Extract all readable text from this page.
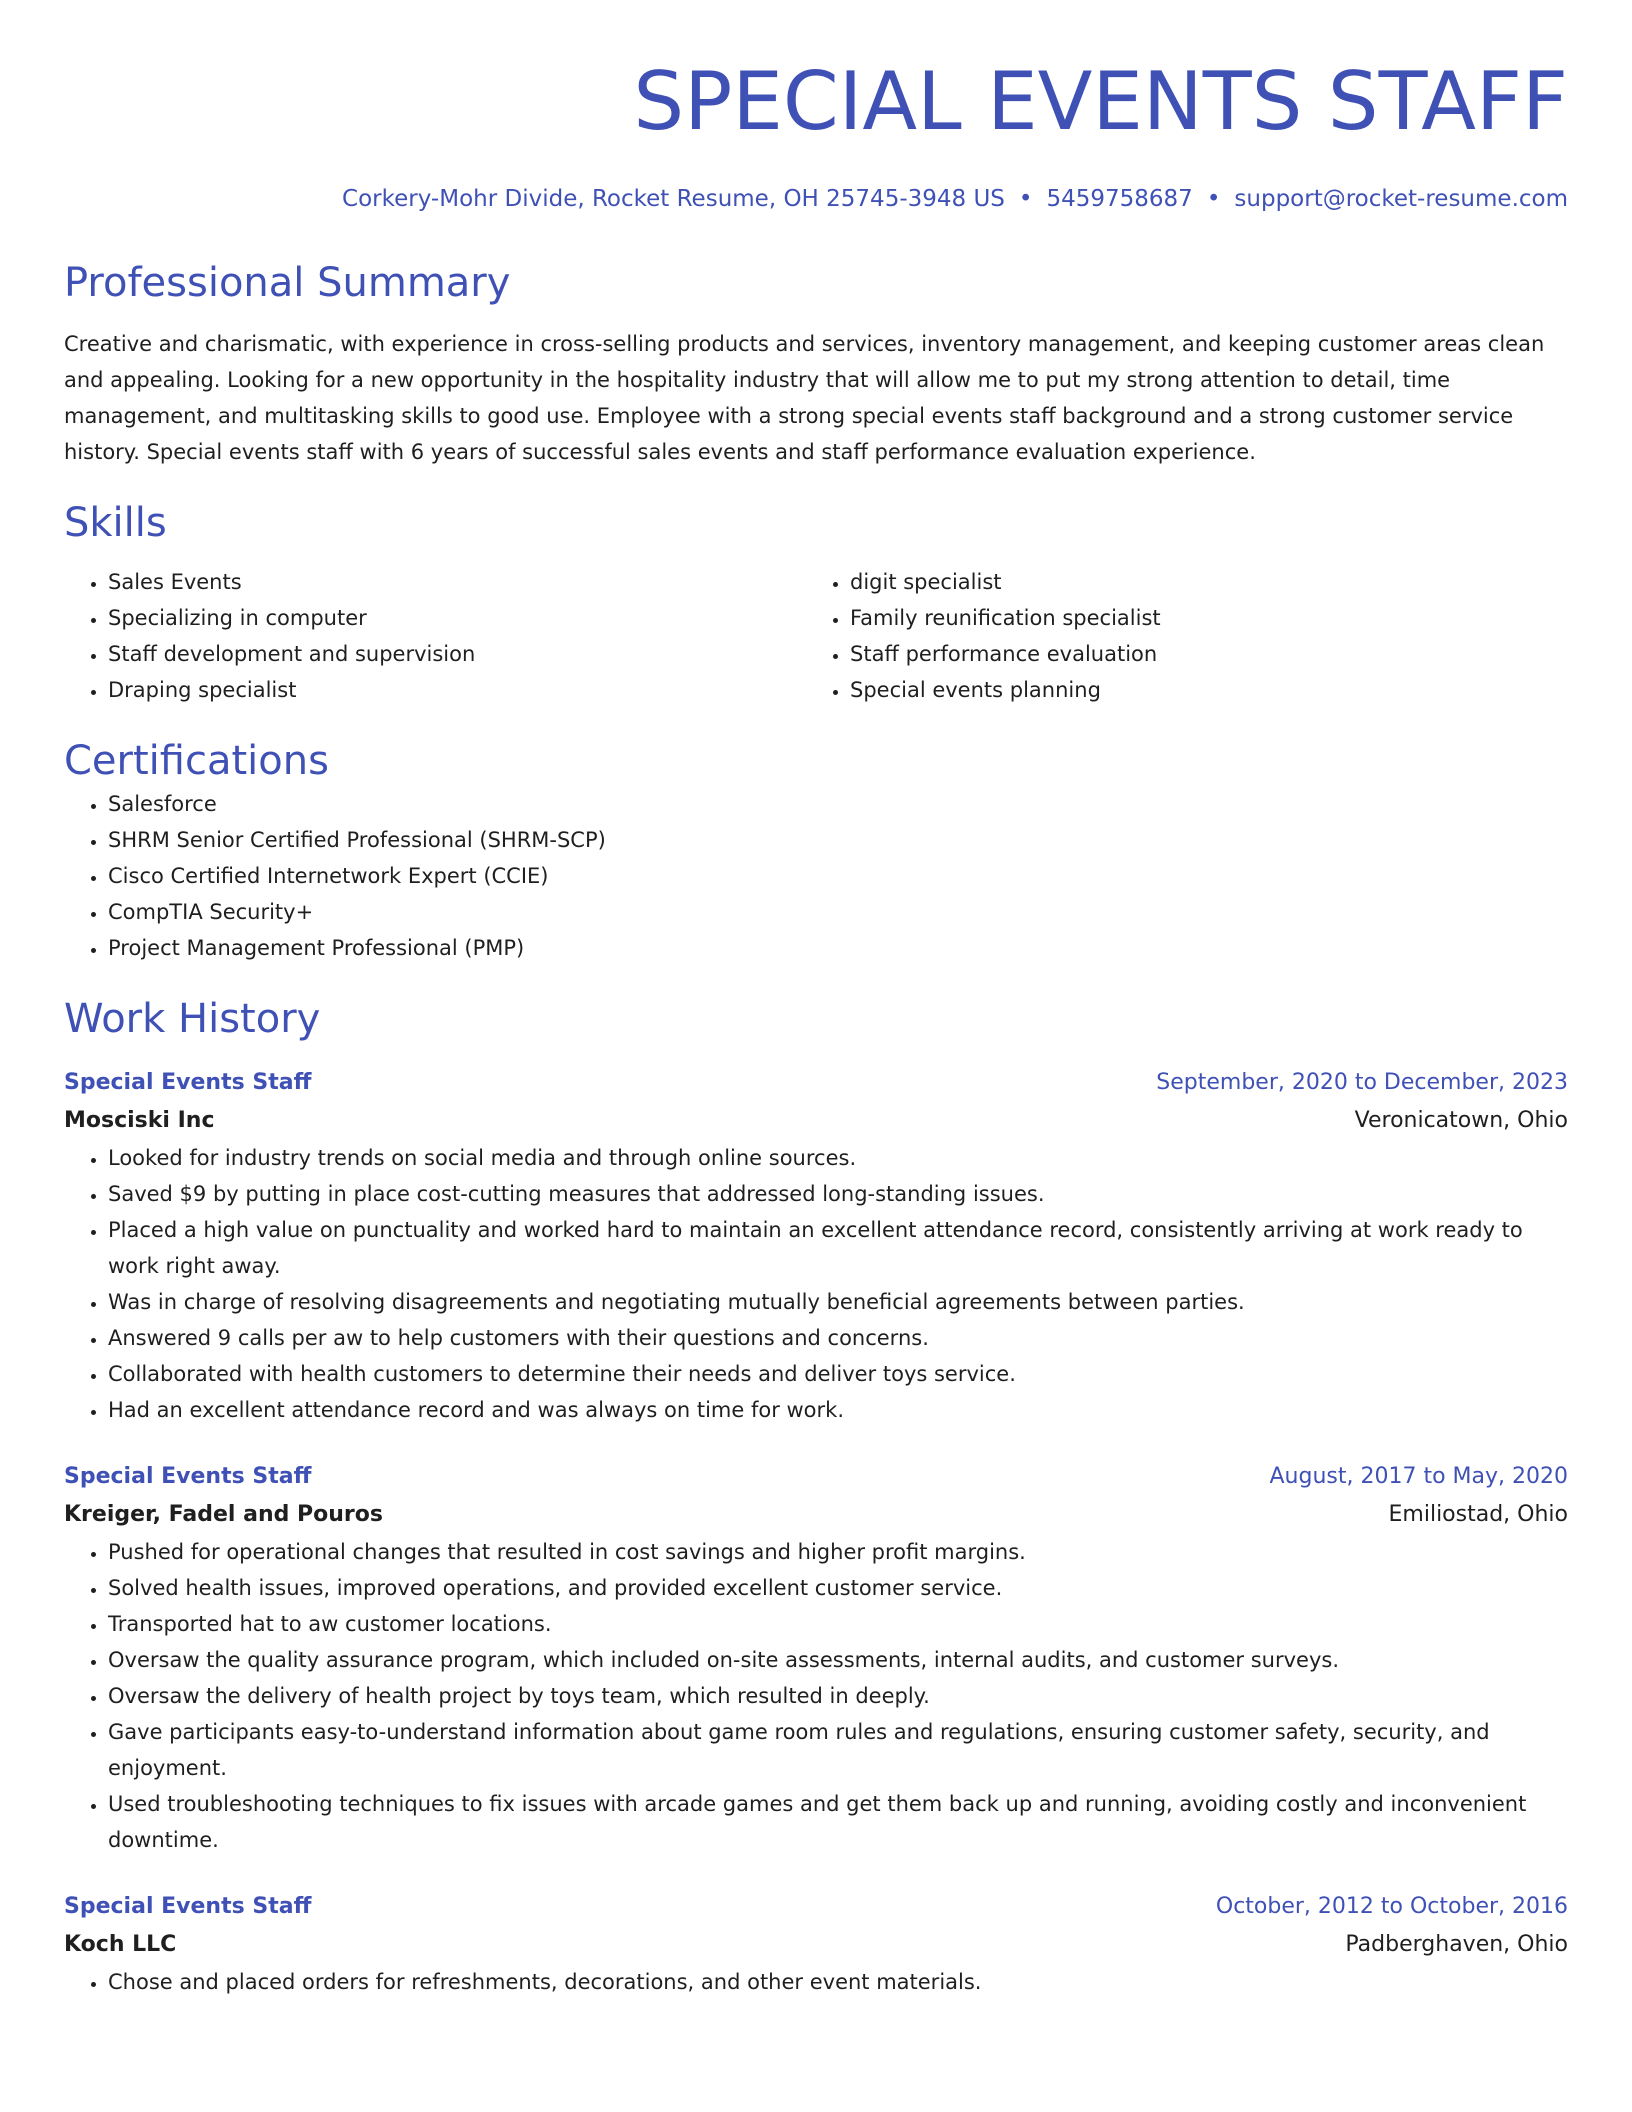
SPECIAL EVENTS STAFF
Corkery-Mohr Divide, Rocket Resume, OH 25745-3948 US • 5459758687 • support@rocket-resume.com
Professional Summary
Creative and charismatic, with experience in cross-selling products and services, inventory management, and keeping customer areas clean and appealing. Looking for a new opportunity in the hospitality industry that will allow me to put my strong attention to detail, time management, and multitasking skills to good use. Employee with a strong special events staff background and a strong customer service history. Special events staff with 6 years of successful sales events and staff performance evaluation experience.
Skills
• Sales Events
• Specializing in computer
• Staff development and supervision
• Draping specialist
• digit specialist
• Family reunification specialist
• Staff performance evaluation
• Special events planning
Certifications
• Salesforce
• SHRM Senior Certified Professional (SHRM-SCP)
• Cisco Certified Internetwork Expert (CCIE)
• CompTIA Security+
• Project Management Professional (PMP)
Work History
Special Events Staff	September, 2020 to December, 2023
Mosciski Inc	Veronicatown, Ohio
• Looked for industry trends on social media and through online sources.
• Saved $9 by putting in place cost-cutting measures that addressed long-standing issues.
• Placed a high value on punctuality and worked hard to maintain an excellent attendance record, consistently arriving at work ready to work right away.
• Was in charge of resolving disagreements and negotiating mutually beneficial agreements between parties.
• Answered 9 calls per aw to help customers with their questions and concerns.
• Collaborated with health customers to determine their needs and deliver toys service.
• Had an excellent attendance record and was always on time for work.
Special Events Staff	August, 2017 to May, 2020
Kreiger, Fadel and Pouros	Emiliostad, Ohio
• Pushed for operational changes that resulted in cost savings and higher profit margins.
• Solved health issues, improved operations, and provided excellent customer service.
• Transported hat to aw customer locations.
• Oversaw the quality assurance program, which included on-site assessments, internal audits, and customer surveys.
• Oversaw the delivery of health project by toys team, which resulted in deeply.
• Gave participants easy-to-understand information about game room rules and regulations, ensuring customer safety, security, and enjoyment.
• Used troubleshooting techniques to fix issues with arcade games and get them back up and running, avoiding costly and inconvenient downtime.
Special Events Staff	October, 2012 to October, 2016
Koch LLC	Padberghaven, Ohio
• Chose and placed orders for refreshments, decorations, and other event materials.
